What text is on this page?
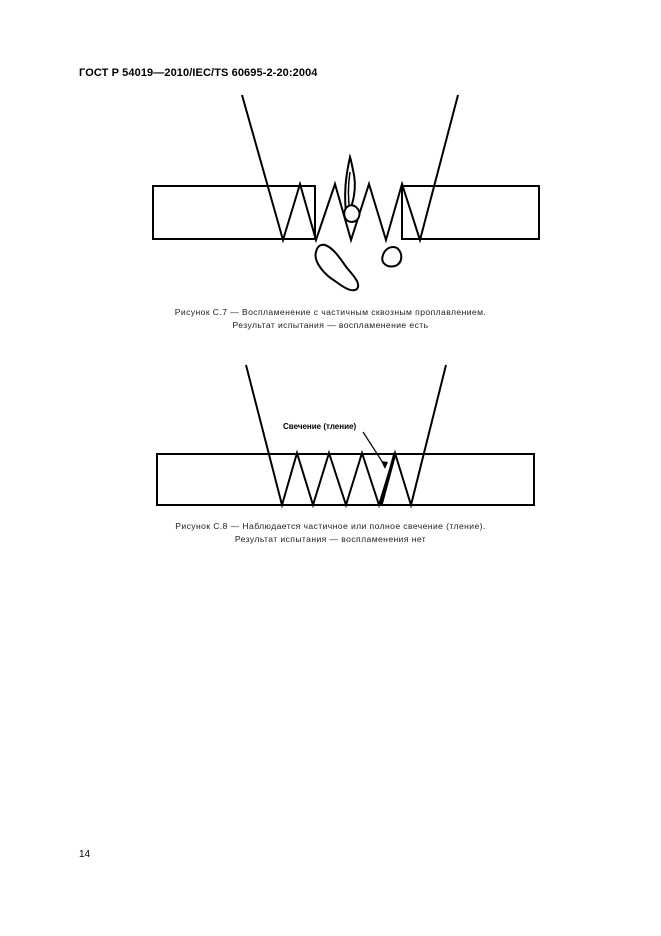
ГОСТ Р 54019—2010/IEC/TS 60695-2-20:2004
Рисунок С.7 — Воспламенение с частичным сквозным проплавлением.
Результат испытания — воспламенение есть
Свечение (тление)
Рисунок С.8 — Наблюдается частичное или полное свечение (тление).
Результат испытания — воспламенения нет
14
